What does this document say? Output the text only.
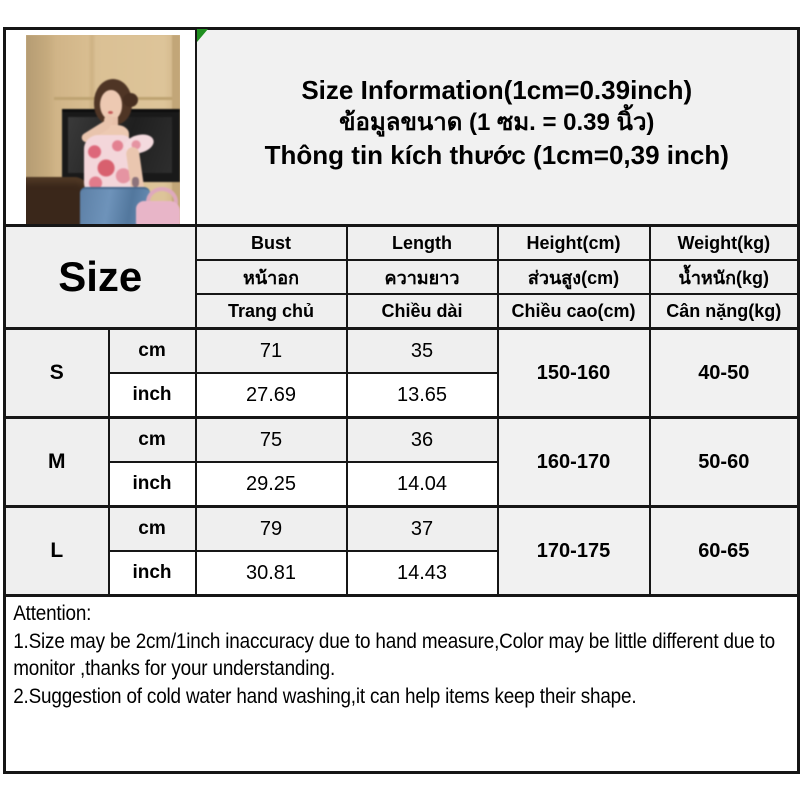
		Size Information(1cm=0.39inch)
ข้อมูลขนาด (1 ซม. = 0.39 นิ้ว)
Thông tin kích thước (1cm=0,39 inch)			

Size		Bust	Length	Height(cm)	Weight(kg)
		หน้าอก	ความยาว	ส่วนสูง(cm)	น้ำหนัก(kg)
		Trang chủ	Chiều dài	Chiều cao(cm)	Cân nặng(kg)
S	cm	71	35	150-160	40-50
	inch	27.69	13.65		
M	cm	75	36	160-170	50-60
	inch	29.25	14.04		
L	cm	79	37	170-175	60-65
	inch	30.81	14.43		

Attention:
1.Size may be 2cm/1inch inaccuracy due to hand measure,Color may be little different due to monitor ,thanks for your understanding.
2.Suggestion of cold water hand washing,it can help items keep their shape.					
